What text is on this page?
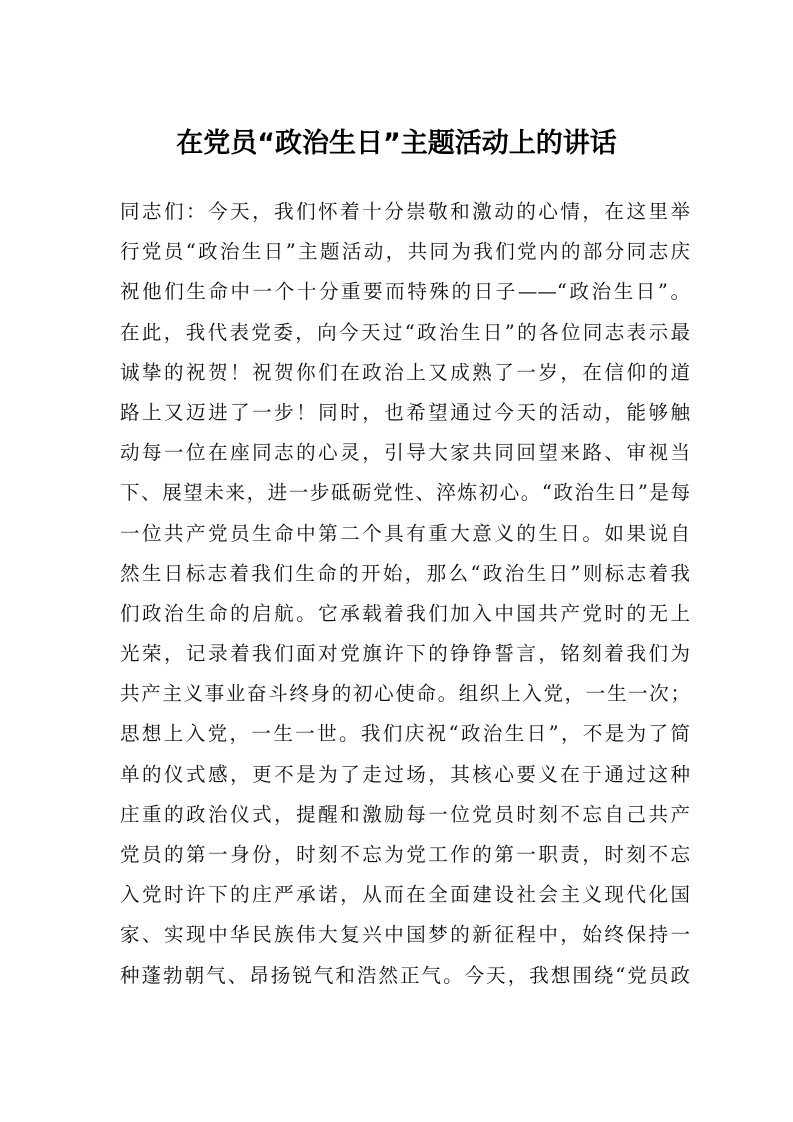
在党员“政治生日”主题活动上的讲话
同志们：今天，我们怀着十分崇敬和激动的心情，在这里举
行党员“政治生日”主题活动，共同为我们党内的部分同志庆
祝他们生命中一个十分重要而特殊的日子——“政治生日”。
在此，我代表党委，向今天过“政治生日”的各位同志表示最
诚挚的祝贺！祝贺你们在政治上又成熟了一岁，在信仰的道
路上又迈进了一步！同时，也希望通过今天的活动，能够触
动每一位在座同志的心灵，引导大家共同回望来路、审视当
下、展望未来，进一步砥砺党性、淬炼初心。“政治生日”是每
一位共产党员生命中第二个具有重大意义的生日。如果说自
然生日标志着我们生命的开始，那么“政治生日”则标志着我
们政治生命的启航。它承载着我们加入中国共产党时的无上
光荣，记录着我们面对党旗许下的铮铮誓言，铭刻着我们为
共产主义事业奋斗终身的初心使命。组织上入党，一生一次；
思想上入党，一生一世。我们庆祝“政治生日”，不是为了简
单的仪式感，更不是为了走过场，其核心要义在于通过这种
庄重的政治仪式，提醒和激励每一位党员时刻不忘自己共产
党员的第一身份，时刻不忘为党工作的第一职责，时刻不忘
入党时许下的庄严承诺，从而在全面建设社会主义现代化国
家、实现中华民族伟大复兴中国梦的新征程中，始终保持一
种蓬勃朝气、昂扬锐气和浩然正气。今天，我想围绕“党员政
